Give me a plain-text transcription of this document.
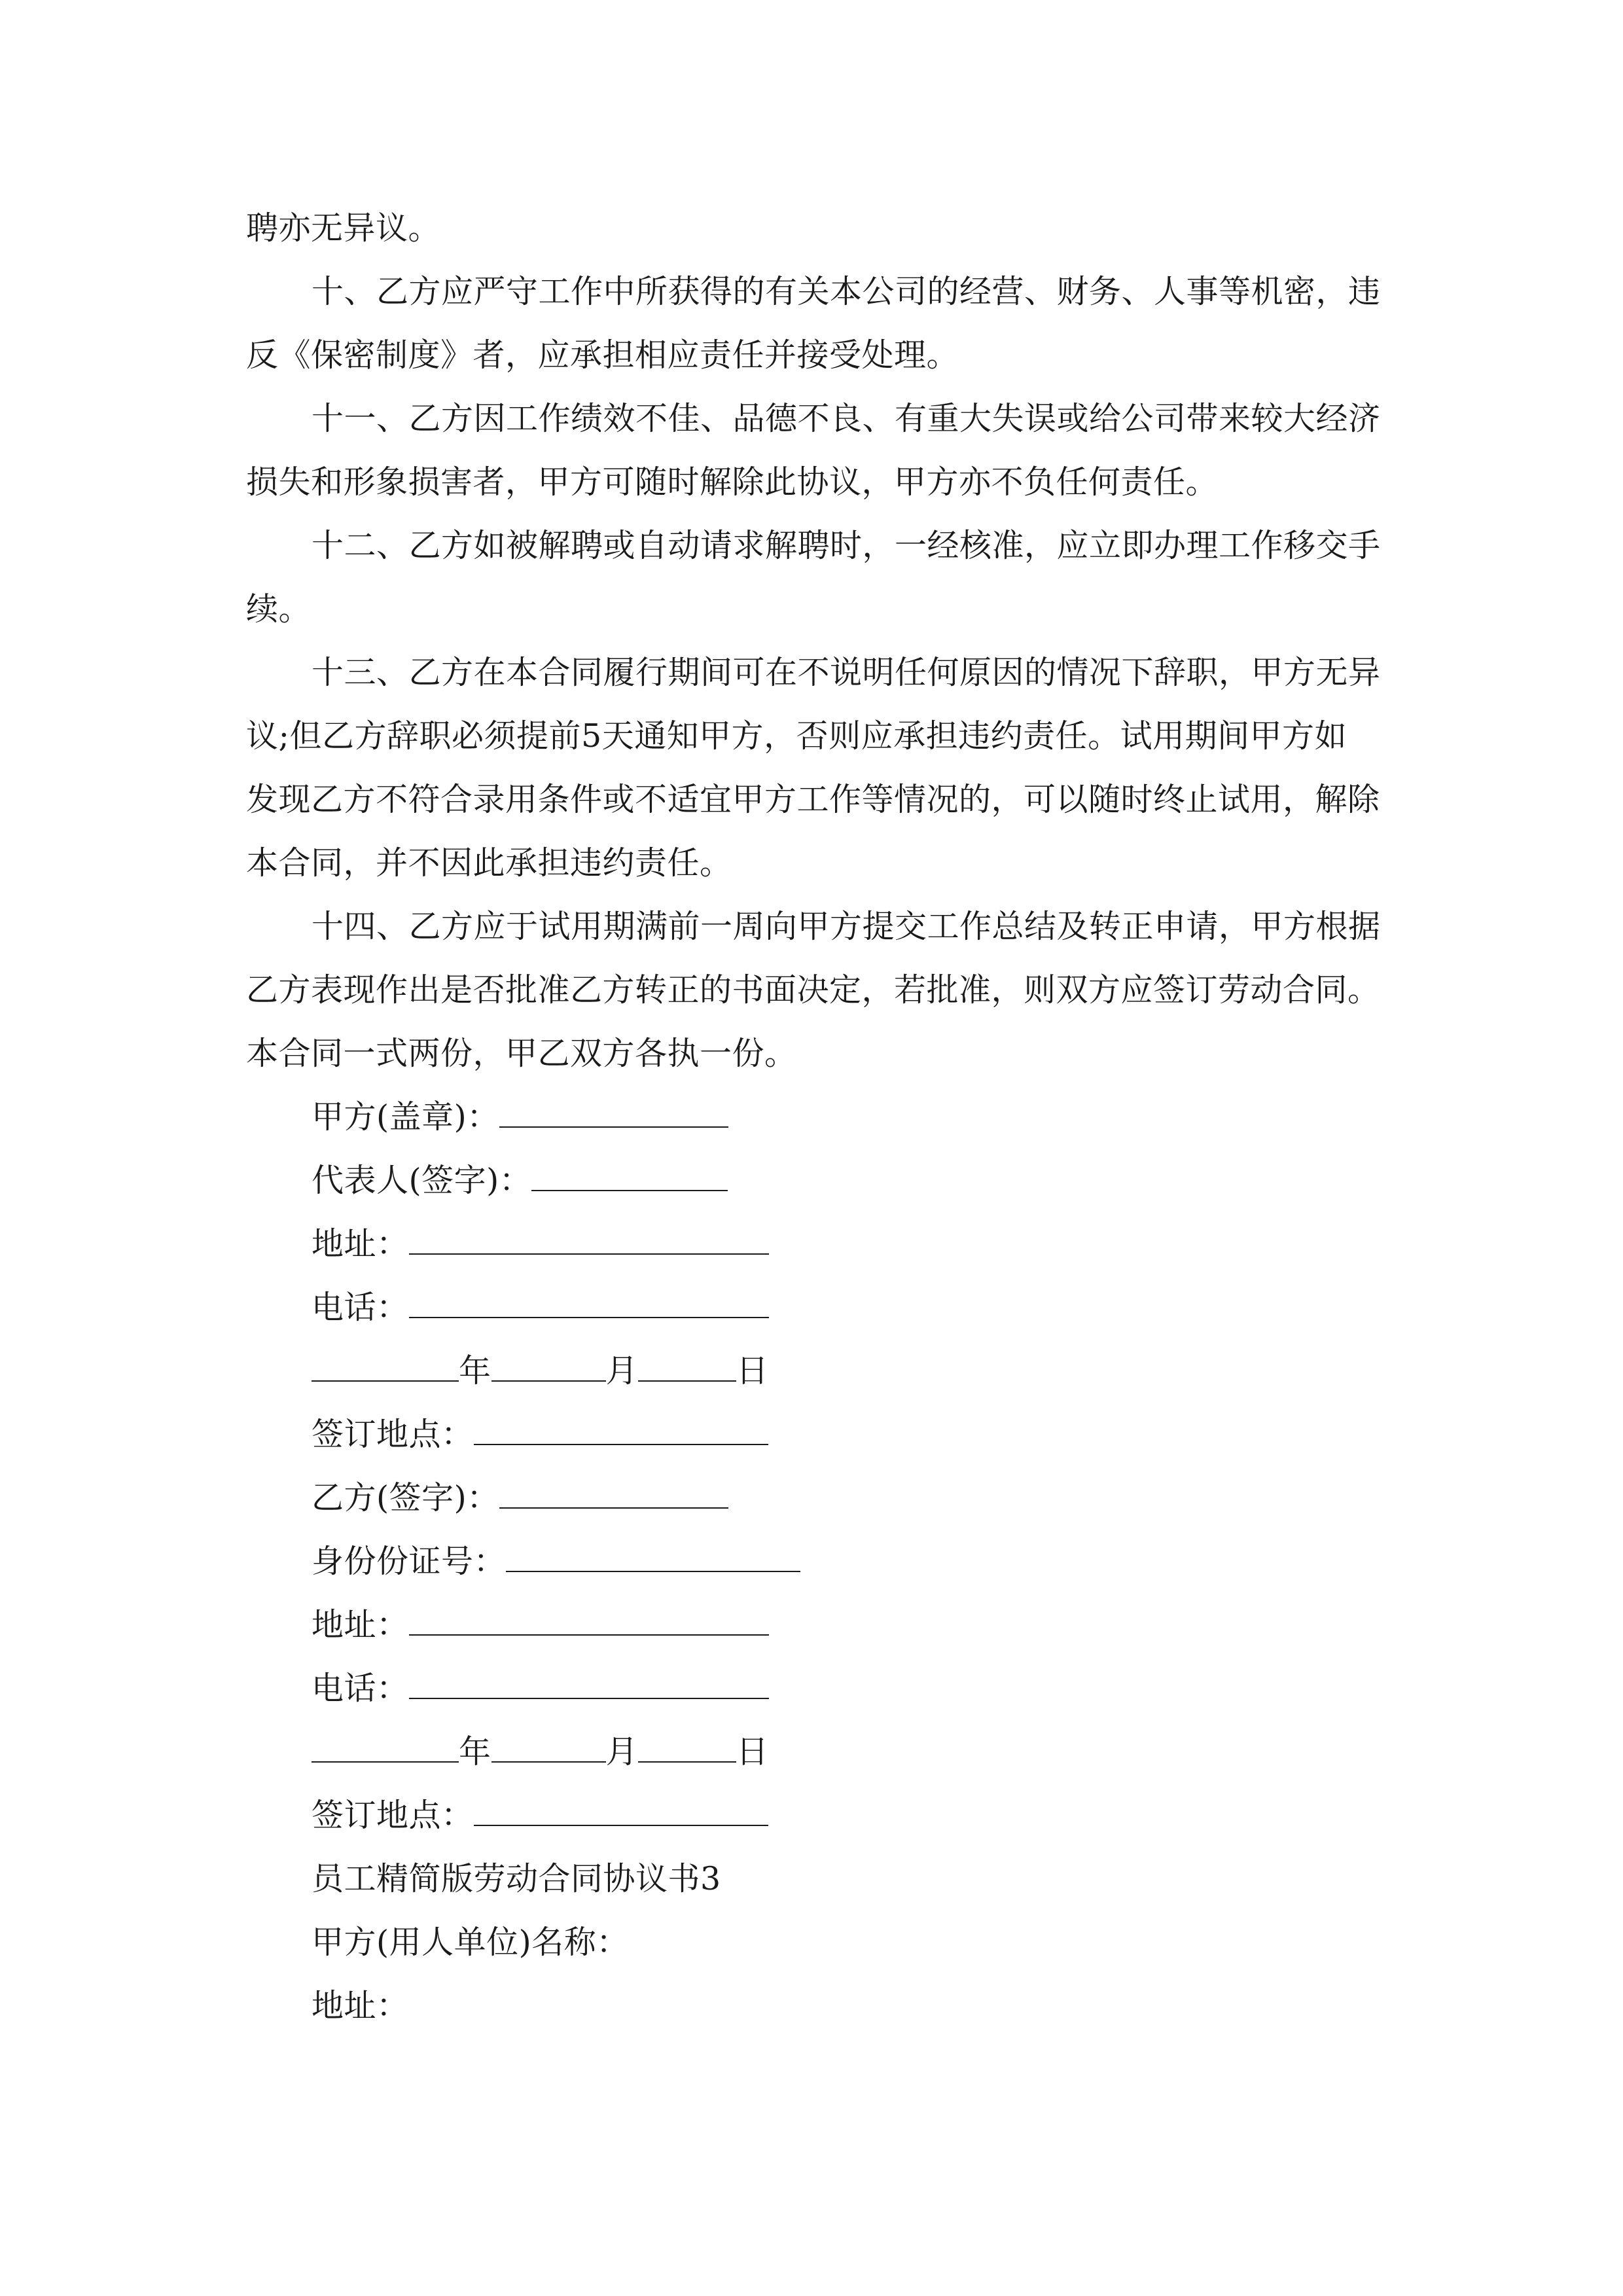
聘亦无异议。
十、乙方应严守工作中所获得的有关本公司的经营、财务、人事等机密，违
反《保密制度》者，应承担相应责任并接受处理。
十一、乙方因工作绩效不佳、品德不良、有重大失误或给公司带来较大经济
损失和形象损害者，甲方可随时解除此协议，甲方亦不负任何责任。
十二、乙方如被解聘或自动请求解聘时，一经核准，应立即办理工作移交手
续。
十三、乙方在本合同履行期间可在不说明任何原因的情况下辞职，甲方无异
议;但乙方辞职必须提前5天通知甲方，否则应承担违约责任。试用期间甲方如
发现乙方不符合录用条件或不适宜甲方工作等情况的，可以随时终止试用，解除
本合同，并不因此承担违约责任。
十四、乙方应于试用期满前一周向甲方提交工作总结及转正申请，甲方根据
乙方表现作出是否批准乙方转正的书面决定，若批准，则双方应签订劳动合同。
本合同一式两份，甲乙双方各执一份。
甲方(盖章)：
代表人(签字)：
地址：
电话：
年	月	日
签订地点：
乙方(签字)：
身份份证号：
地址：
电话：
年	月	日
签订地点：
员工精简版劳动合同协议书3
甲方(用人单位)名称：
地址：
